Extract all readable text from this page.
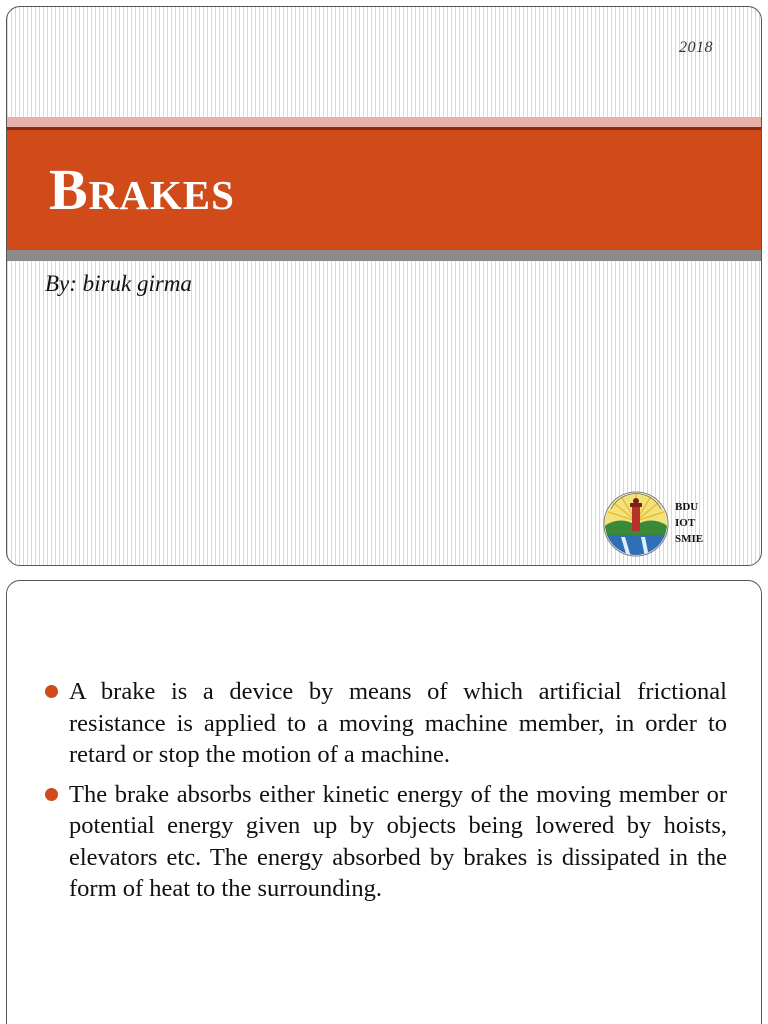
2018
Brakes
By: biruk girma
BDU
IOT
SMIE
A brake is a device by means of which artificial frictional resistance is applied to a moving machine member, in order to retard or stop the motion of a machine.
The brake absorbs either kinetic energy of the moving member or potential energy given up by objects being lowered by hoists, elevators etc. The energy absorbed by brakes is dissipated in the form of heat to the surrounding.
